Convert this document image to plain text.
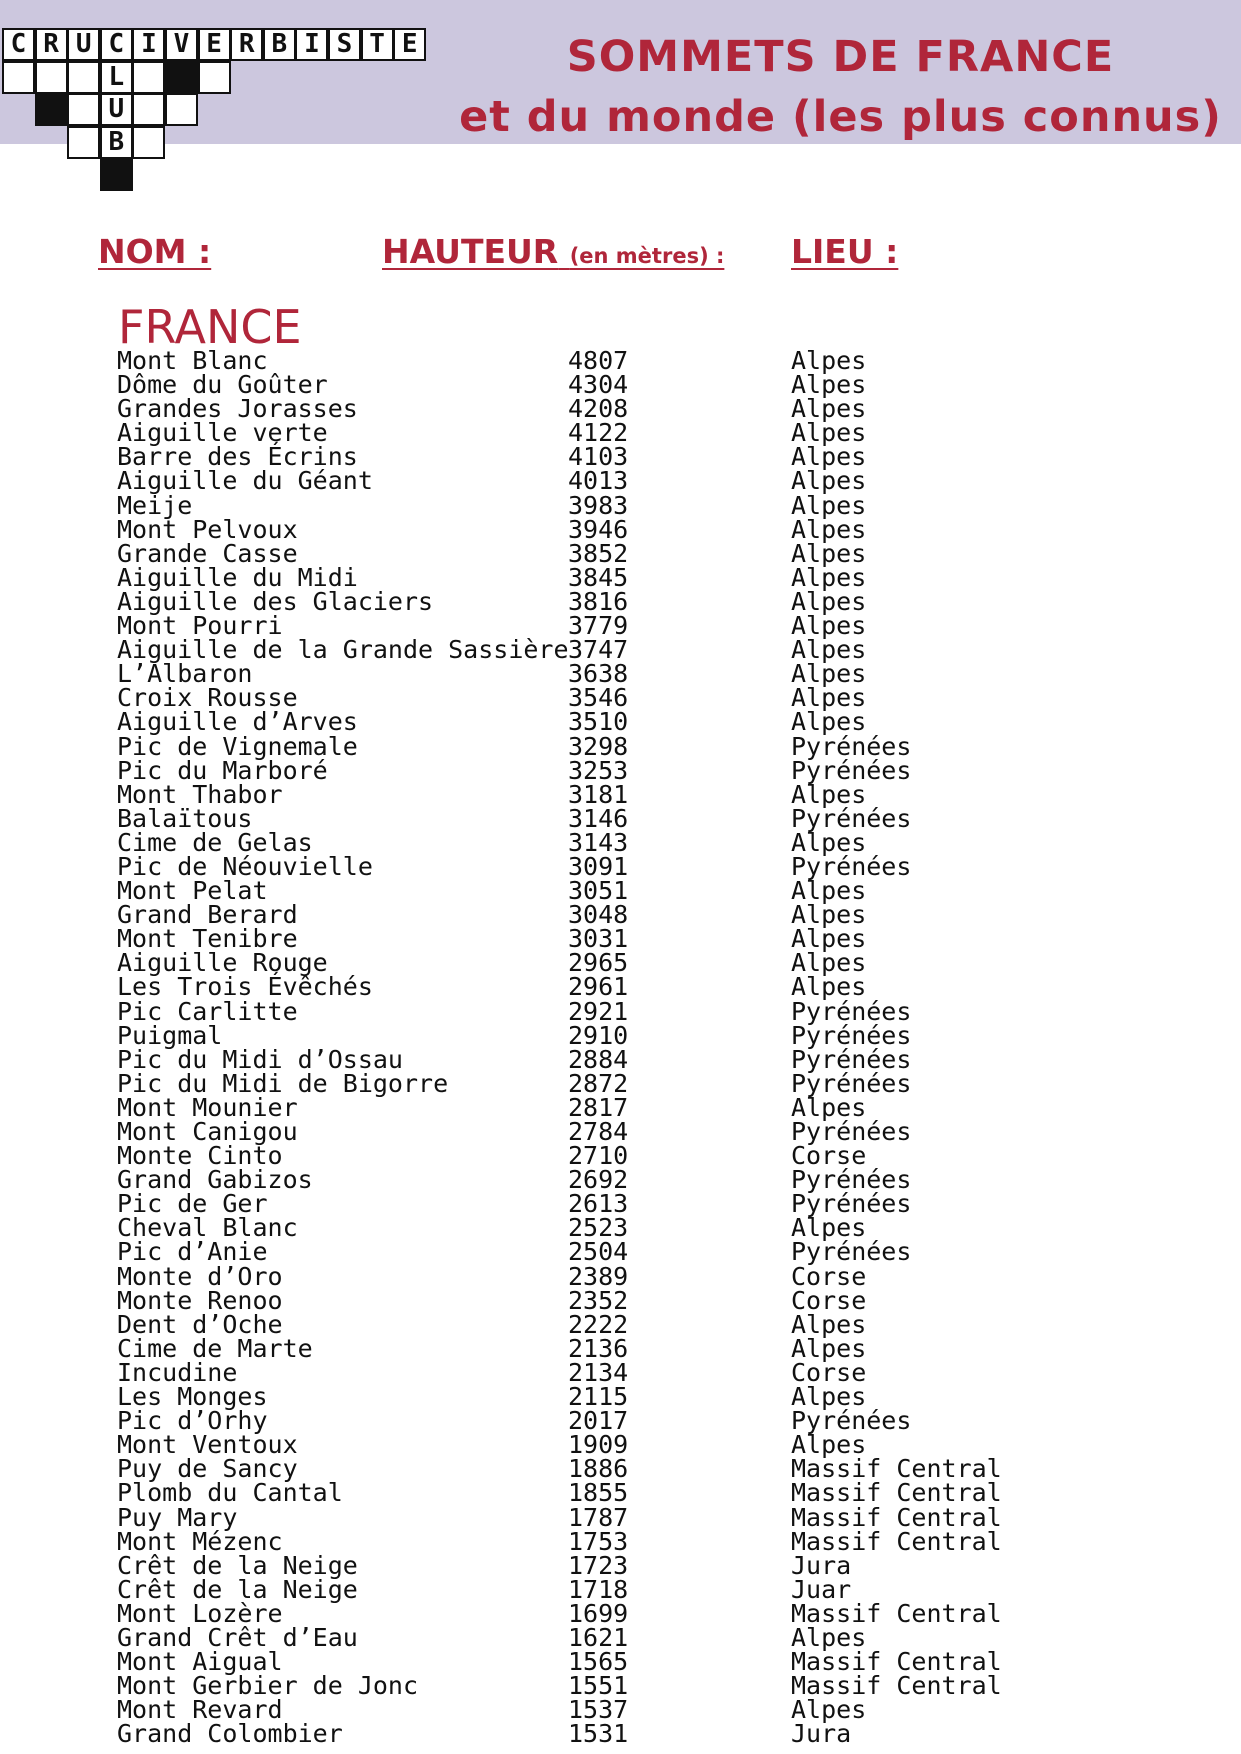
C R U C I V E R B I S T E
L
U
B
SOMMETS DE FRANCE
et du monde (les plus connus)
NOM :	HAUTEUR (en mètres) : LIEU :
FRANCE
Mont Blanc	4807	Alpes
Dôme du Goûter	4304	Alpes
Grandes Jorasses	4208	Alpes
Aiguille verte	4122	Alpes
Barre des Écrins	4103	Alpes
Aiguille du Géant	4013	Alpes
Meije	3983	Alpes
Mont Pelvoux	3946	Alpes
Grande Casse	3852	Alpes
Aiguille du Midi	3845	Alpes
Aiguille des Glaciers	3816	Alpes
Mont Pourri	3779	Alpes
Aiguille de la Grande Sassière 3747	Alpes
L’Albaron	3638	Alpes
Croix Rousse	3546	Alpes
Aiguille d’Arves	3510	Alpes
Pic de Vignemale	3298	Pyrénées
Pic du Marboré	3253	Pyrénées
Mont Thabor	3181	Alpes
Balaïtous	3146	Pyrénées
Cime de Gelas	3143	Alpes
Pic de Néouvielle	3091	Pyrénées
Mont Pelat	3051	Alpes
Grand Berard	3048	Alpes
Mont Tenibre	3031	Alpes
Aiguille Rouge	2965	Alpes
Les Trois Évêchés	2961	Alpes
Pic Carlitte	2921	Pyrénées
Puigmal	2910	Pyrénées
Pic du Midi d’Ossau	2884	Pyrénées
Pic du Midi de Bigorre	2872	Pyrénées
Mont Mounier	2817	Alpes
Mont Canigou	2784	Pyrénées
Monte Cinto	2710	Corse
Grand Gabizos	2692	Pyrénées
Pic de Ger	2613	Pyrénées
Cheval Blanc	2523	Alpes
Pic d’Anie	2504	Pyrénées
Monte d’Oro	2389	Corse
Monte Renoo	2352	Corse
Dent d’Oche	2222	Alpes
Cime de Marte	2136	Alpes
Incudine	2134	Corse
Les Monges	2115	Alpes
Pic d’Orhy	2017	Pyrénées
Mont Ventoux	1909	Alpes
Puy de Sancy	1886	Massif Central
Plomb du Cantal	1855	Massif Central
Puy Mary	1787	Massif Central
Mont Mézenc	1753	Massif Central
Crêt de la Neige	1723	Jura
Crêt de la Neige	1718	Juar
Mont Lozère	1699	Massif Central
Grand Crêt d’Eau	1621	Alpes
Mont Aigual	1565	Massif Central
Mont Gerbier de Jonc	1551	Massif Central
Mont Revard	1537	Alpes
Grand Colombier	1531	Jura
